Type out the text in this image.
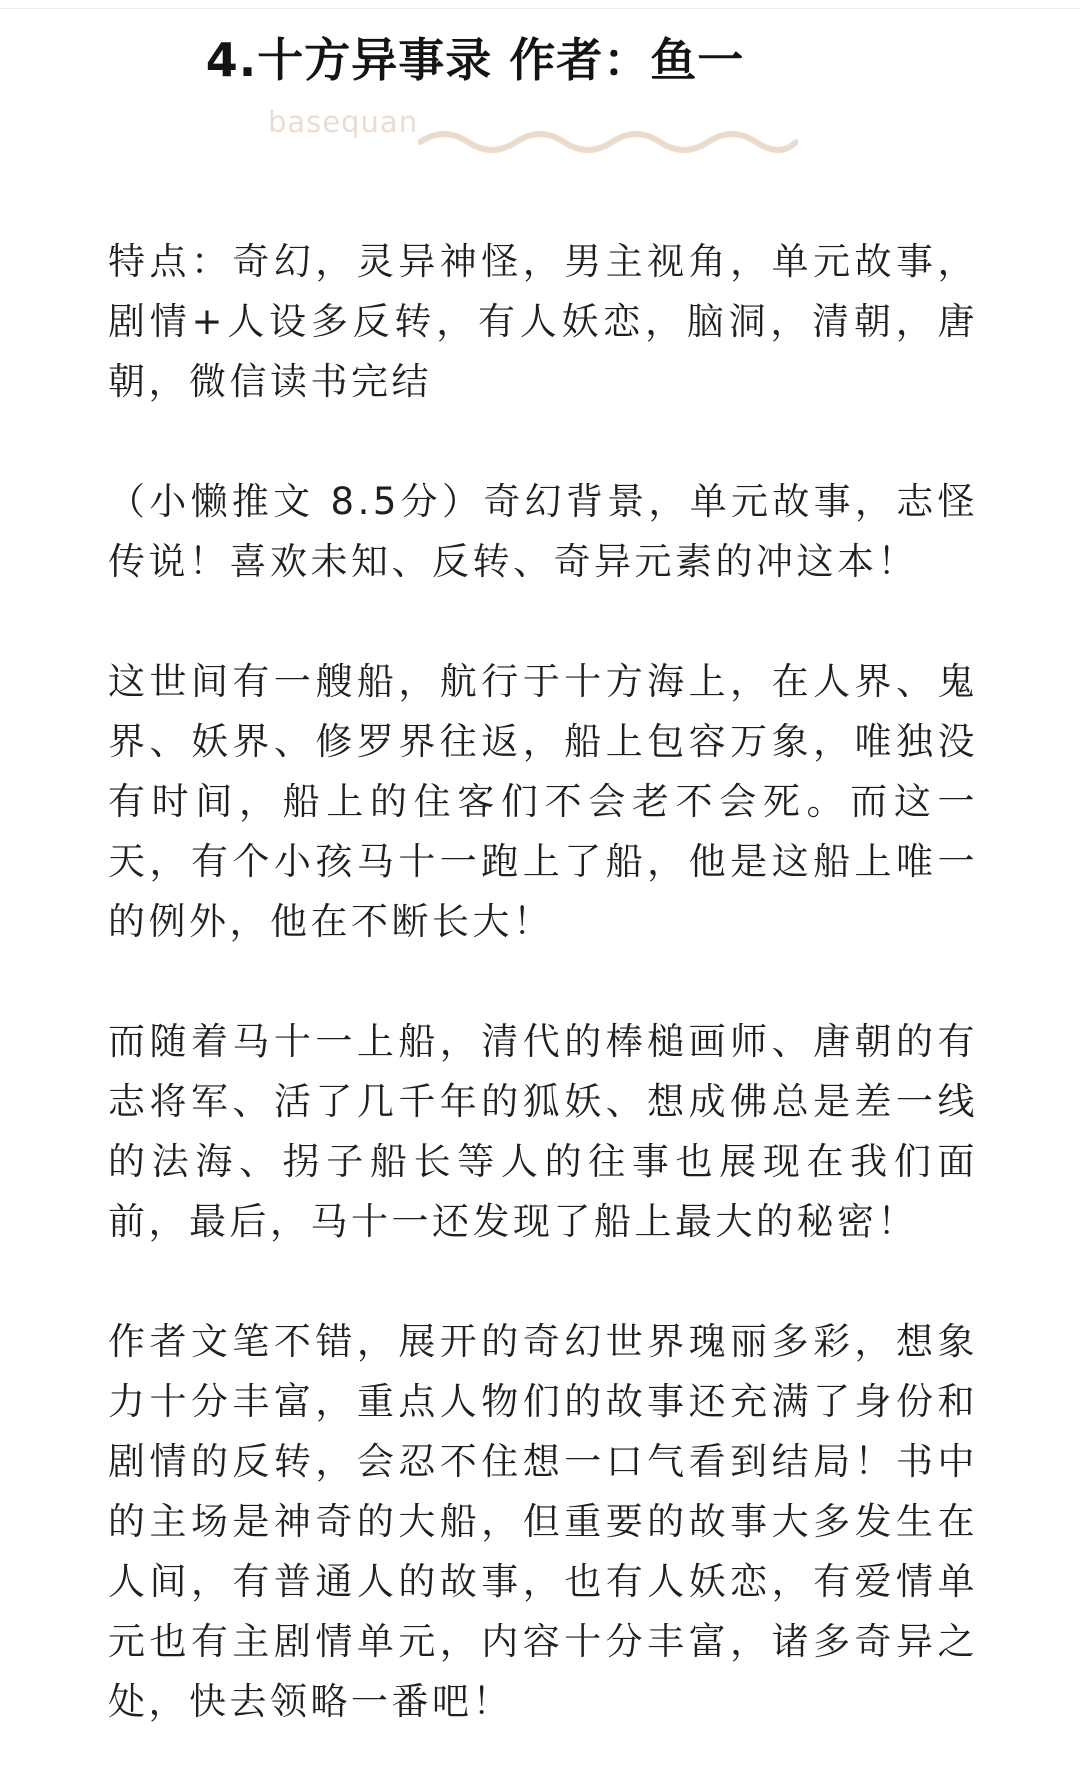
4.十方异事录 作者：鱼一
basequan

特点：奇幻，灵异神怪，男主视角，单元故事，剧情+人设多反转，有人妖恋，脑洞，清朝，唐朝，微信读书完结

（小懒推文 8.5分）奇幻背景，单元故事，志怪传说！喜欢未知、反转、奇异元素的冲这本！

这世间有一艘船，航行于十方海上，在人界、鬼界、妖界、修罗界往返，船上包容万象，唯独没有时间，船上的住客们不会老不会死。而这一天，有个小孩马十一跑上了船，他是这船上唯一的例外，他在不断长大！

而随着马十一上船，清代的棒槌画师、唐朝的有志将军、活了几千年的狐妖、想成佛总是差一线的法海、拐子船长等人的往事也展现在我们面前，最后，马十一还发现了船上最大的秘密！

作者文笔不错，展开的奇幻世界瑰丽多彩，想象力十分丰富，重点人物们的故事还充满了身份和剧情的反转，会忍不住想一口气看到结局！书中的主场是神奇的大船，但重要的故事大多发生在人间，有普通人的故事，也有人妖恋，有爱情单元也有主剧情单元，内容十分丰富，诸多奇异之处，快去领略一番吧！
